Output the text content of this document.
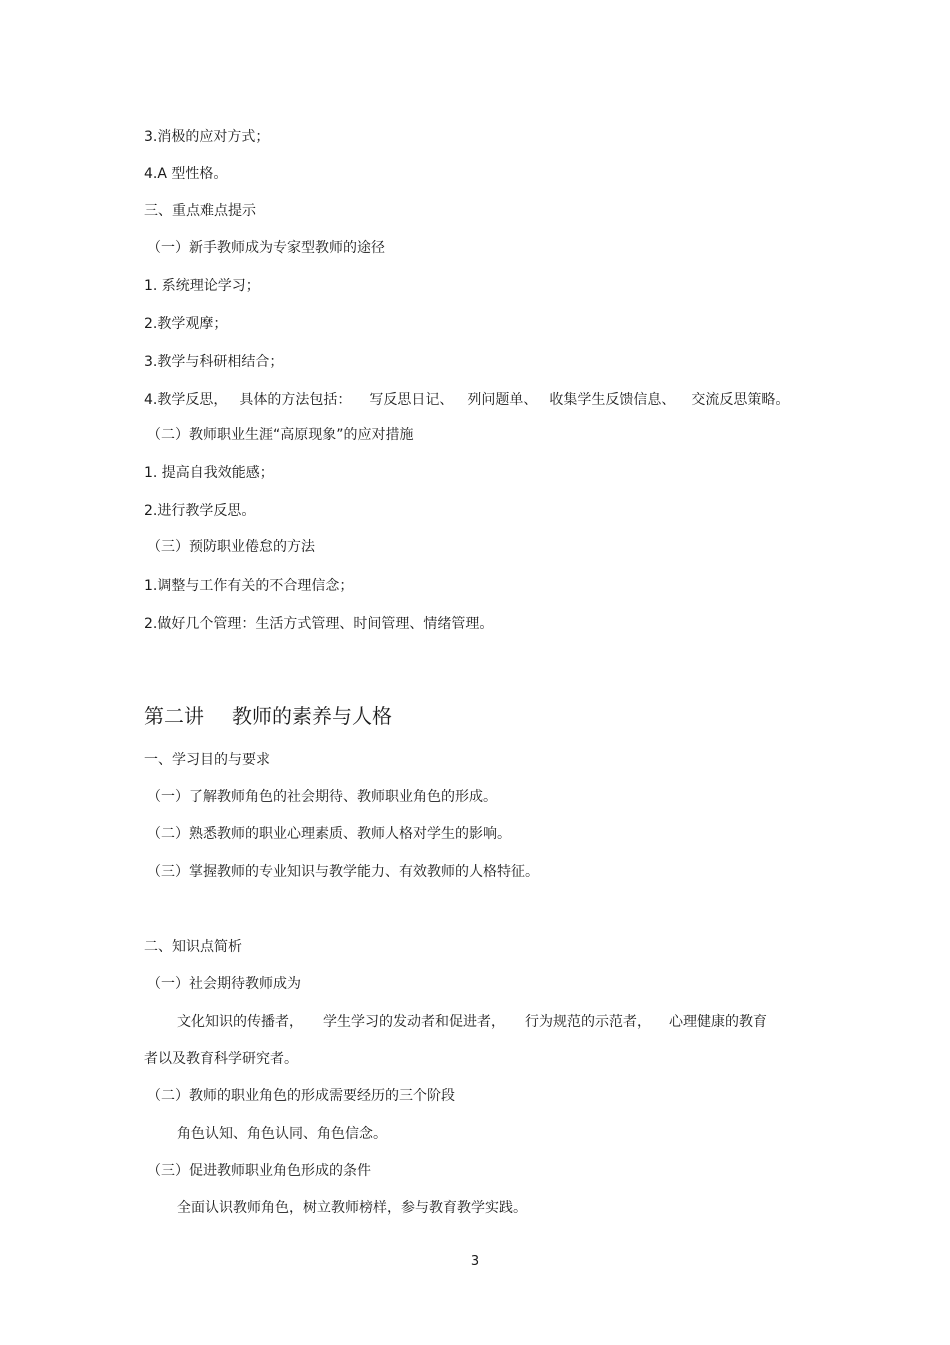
3.消极的应对方式；
4.A 型性格。
三、重点难点提示
（一）新手教师成为专家型教师的途径
1. 系统理论学习；
2.教学观摩；
3.教学与科研相结合；
4.教学反思， 具体的方法包括： 写反思日记、 列问题单、 收集学生反馈信息、 交流反思策略。
（二）教师职业生涯“高原现象”的应对措施
1. 提高自我效能感；
2.进行教学反思。
（三）预防职业倦怠的方法
1.调整与工作有关的不合理信念；
2.做好几个管理：生活方式管理、时间管理、情绪管理。
第二讲 教师的素养与人格
一、学习目的与要求
（一）了解教师角色的社会期待、教师职业角色的形成。
（二）熟悉教师的职业心理素质、教师人格对学生的影响。
（三）掌握教师的专业知识与教学能力、有效教师的人格特征。
二、知识点简析
（一）社会期待教师成为
文化知识的传播者， 学生学习的发动者和促进者， 行为规范的示范者， 心理健康的教育
者以及教育科学研究者。
（二）教师的职业角色的形成需要经历的三个阶段
角色认知、角色认同、角色信念。
（三）促进教师职业角色形成的条件
全面认识教师角色，树立教师榜样，参与教育教学实践。
3
